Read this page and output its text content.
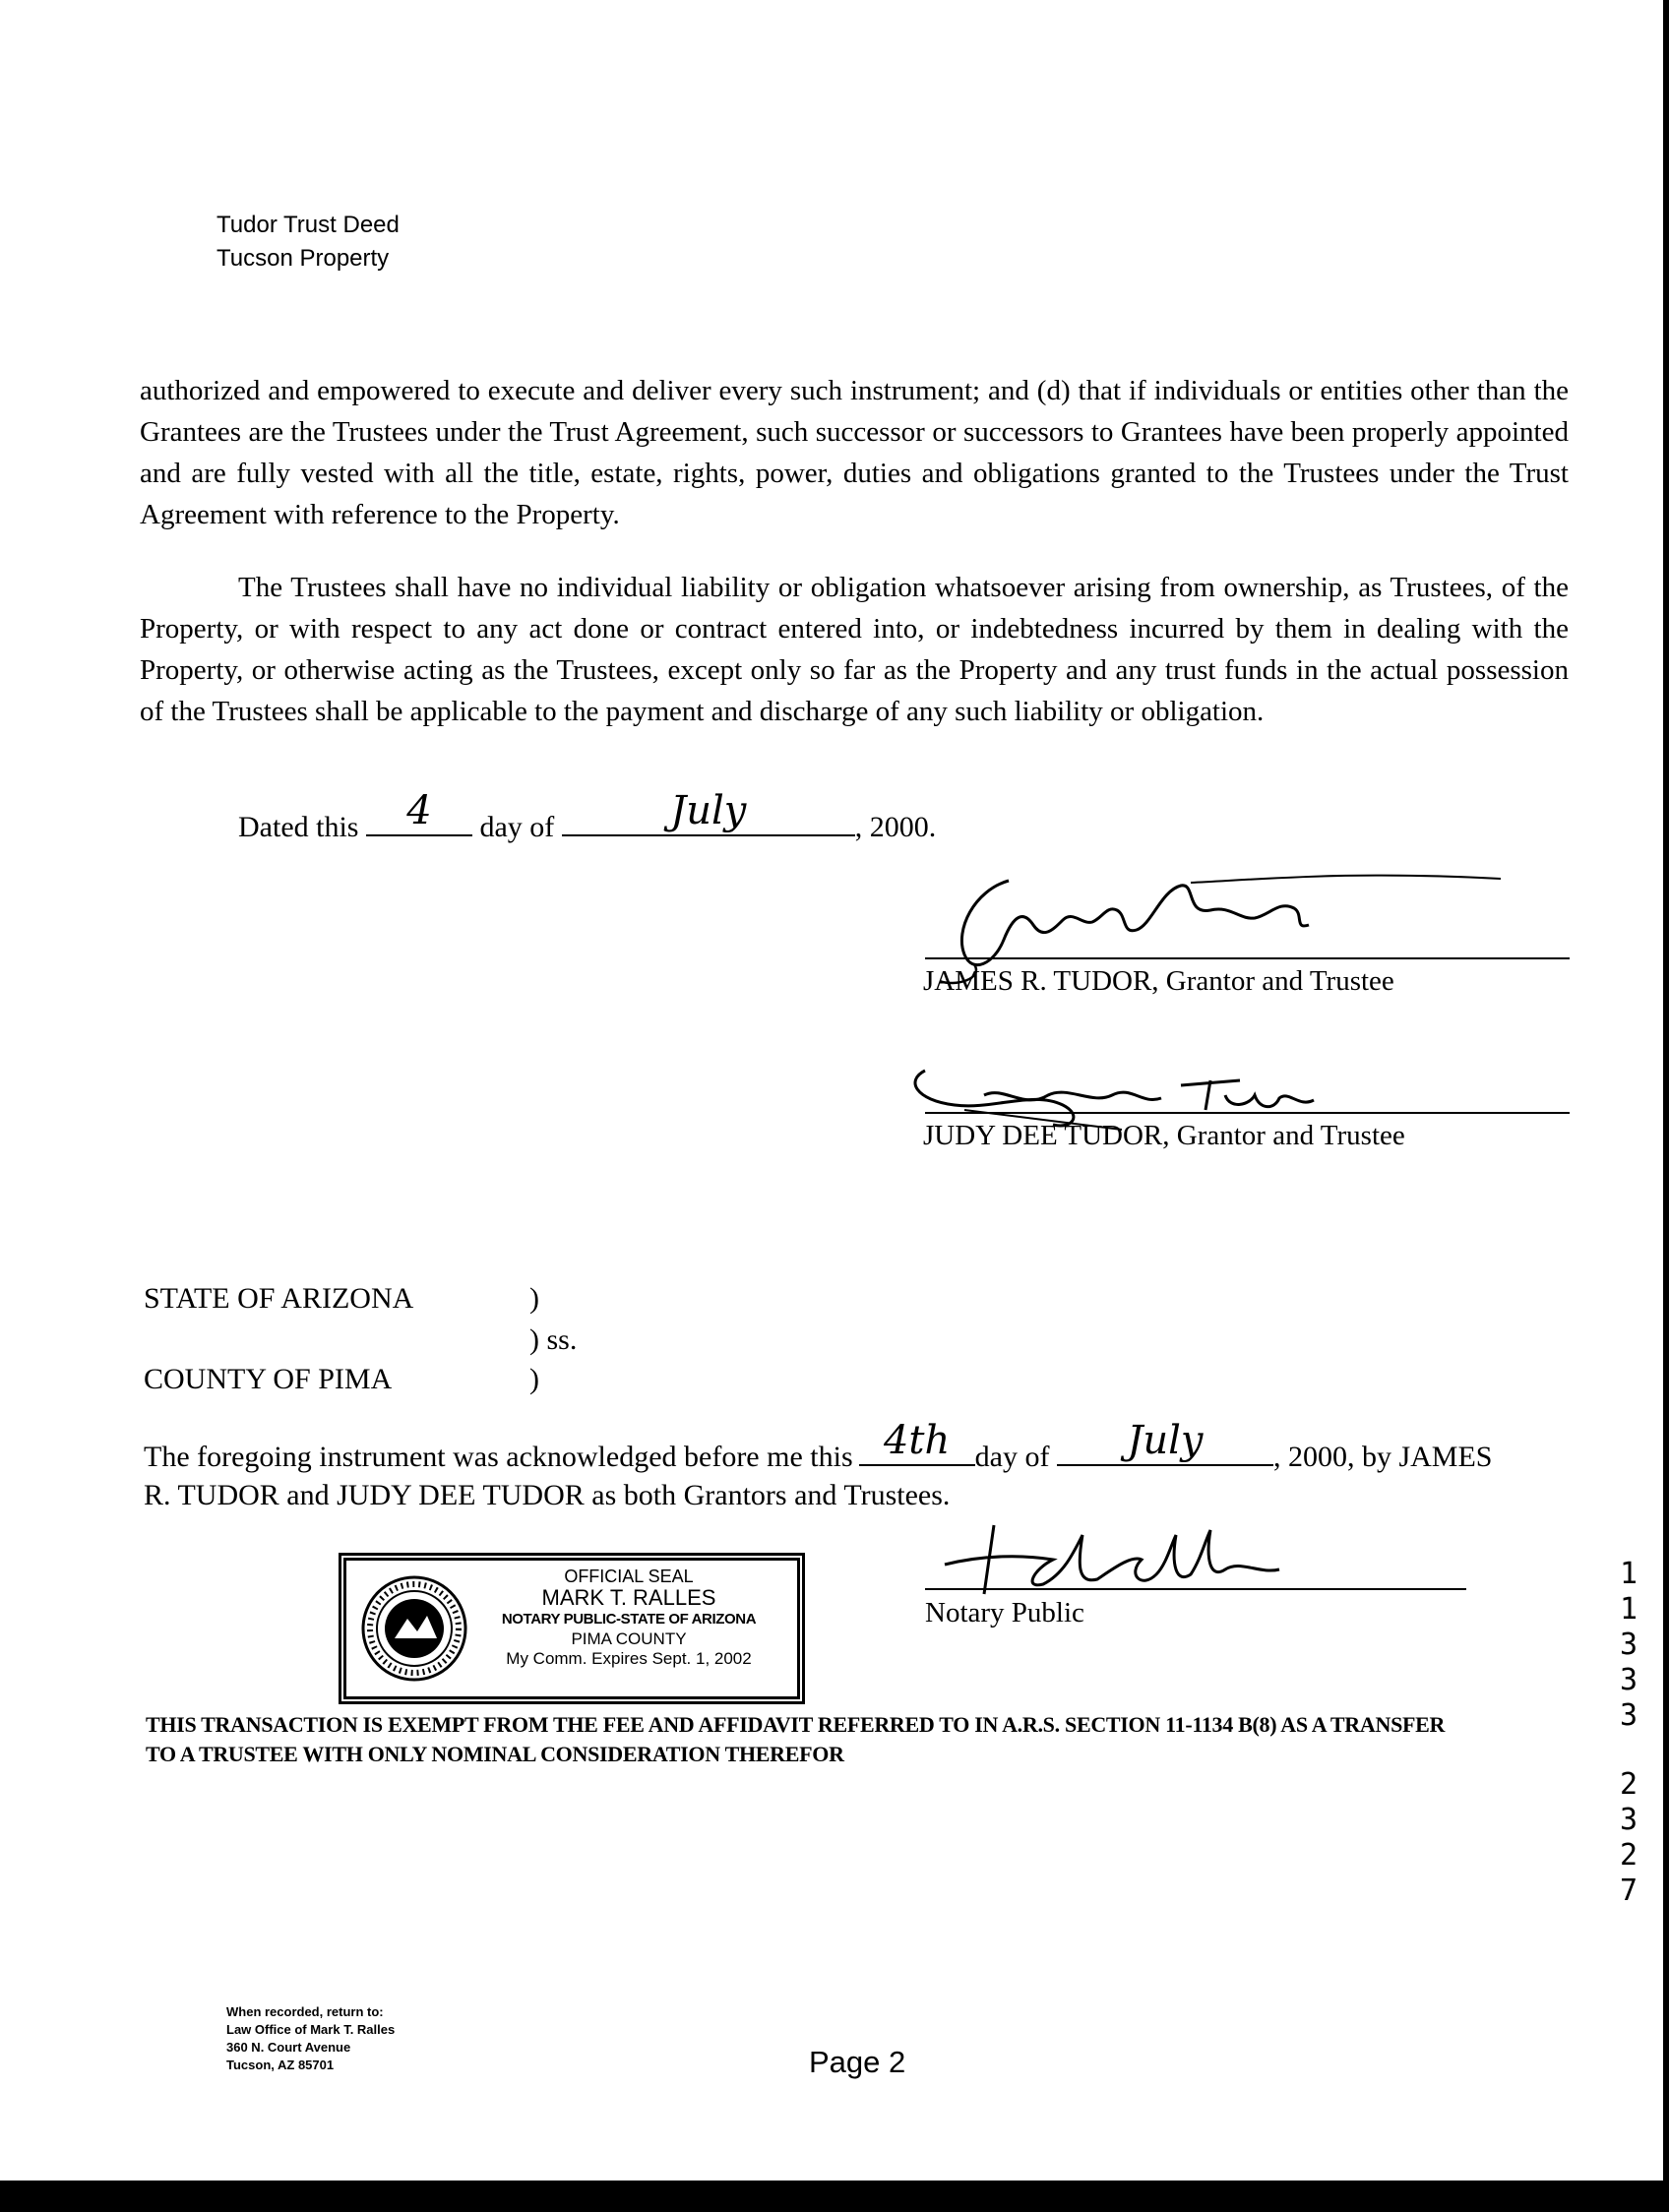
Tudor Trust Deed
Tucson Property
authorized and empowered to execute and deliver every such instrument; and (d) that if individuals or entities other than the Grantees are the Trustees under the Trust Agreement, such successor or successors to Grantees have been properly appointed and are fully vested with all the title, estate, rights, power, duties and obligations granted to the Trustees under the Trust Agreement with reference to the Property.
The Trustees shall have no individual liability or obligation whatsoever arising from ownership, as Trustees, of the Property, or with respect to any act done or contract entered into, or indebtedness incurred by them in dealing with the Property, or otherwise acting as the Trustees, except only so far as the Property and any trust funds in the actual possession of the Trustees shall be applicable to the payment and discharge of any such liability or obligation.
Dated this	4	day of	July	, 2000.
JAMES R. TUDOR, Grantor and Trustee
JUDY DEE TUDOR, Grantor and Trustee
STATE OF ARIZONA	)
) ss.
COUNTY OF PIMA	)
The foregoing instrument was acknowledged before me this 4th day of	July	, 2000, by JAMES
R. TUDOR and JUDY DEE TUDOR as both Grantors and Trustees.
OFFICIAL SEAL
MARK T. RALLES
NOTARY PUBLIC-STATE OF ARIZONA
PIMA COUNTY
My Comm. Expires Sept. 1, 2002
Notary Public
THIS TRANSACTION IS EXEMPT FROM THE FEE AND AFFIDAVIT REFERRED TO IN A.R.S. SECTION 11-1134 B(8) AS A TRANSFER
TO A TRUSTEE WITH ONLY NOMINAL CONSIDERATION THEREFOR
1
1
3
3
3
2
3
2
7
When recorded, return to:
Law Office of Mark T. Ralles
360 N. Court Avenue
Tucson, AZ 85701	Page 2
